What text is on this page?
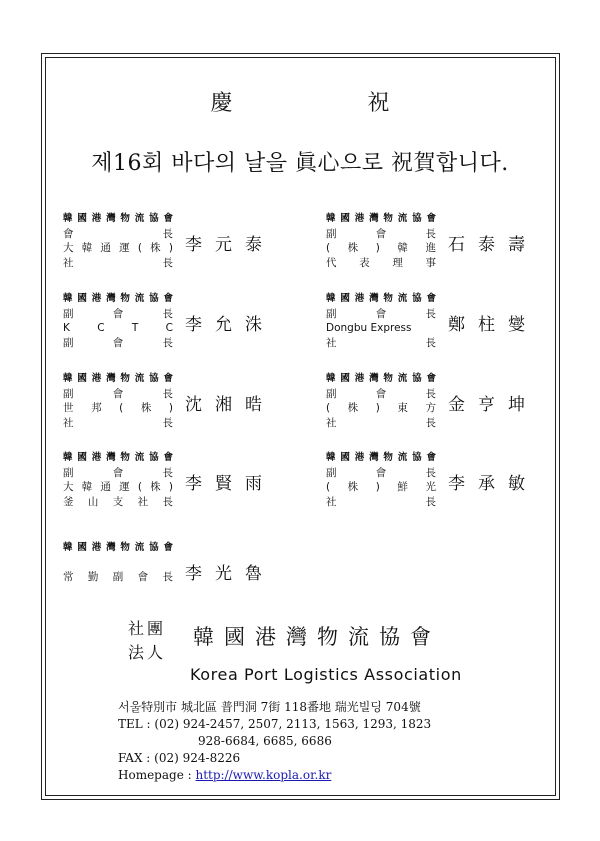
慶 祝
제16회 바다의 날을 眞心으로 祝賀합니다.
韓國港灣物流協會
會長
大韓通運(株)
社長
李元泰
韓國港灣物流協會
副會長
K C T C
副會長
李允洙
韓國港灣物流協會
副會長
世邦(株)
社長
沈湘晧
韓國港灣物流協會
副會長
大韓通運(株)
釜山支社長
李賢雨
韓國港灣物流協會
常勤副會長 李光魯
韓國港灣物流協會
副會長
(株)韓進
代表理事
石泰壽
韓國港灣物流協會
副會長
Dongbu Express
社長
鄭柱燮
韓國港灣物流協會
副會長
(株)東方
社長
金亨坤
韓國港灣物流協會
副會長
(株)鮮光
社長
李承敏
社團
法人
韓國港灣物流協會
Korea Port Logistics Association
서울特別市 城北區 普門洞 7街 118番地 瑞光빌딩 704號
TEL : (02) 924-2457, 2507, 2113, 1563, 1293, 1823
928-6684, 6685, 6686
FAX : (02) 924-8226
Homepage : http://www.kopla.or.kr
